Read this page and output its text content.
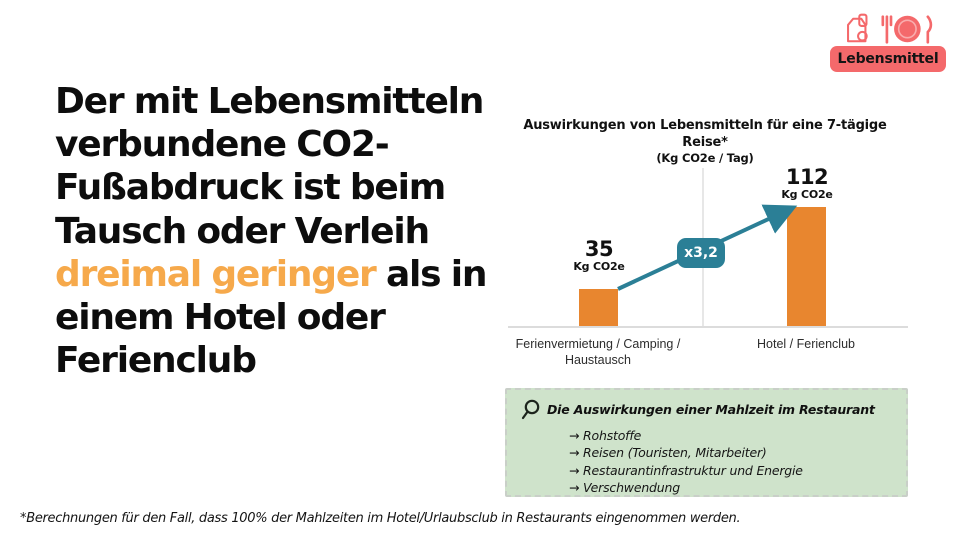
Lebensmittel
Der mit Lebensmitteln verbundene CO2-Fußabdruck ist beim Tausch oder Verleih dreimal geringer als in einem Hotel oder Ferienclub
Auswirkungen von Lebensmitteln für eine 7-tägige Reise*
(Kg CO2e / Tag)
35
Kg CO2e
112
Kg CO2e
x3,2
Ferienvermietung / Camping / Haustausch
Hotel / Ferienclub
Die Auswirkungen einer Mahlzeit im Restaurant
→ Rohstoffe
→ Reisen (Touristen, Mitarbeiter)
→ Restaurantinfrastruktur und Energie
→ Verschwendung
*Berechnungen für den Fall, dass 100% der Mahlzeiten im Hotel/Urlaubsclub in Restaurants eingenommen werden.
